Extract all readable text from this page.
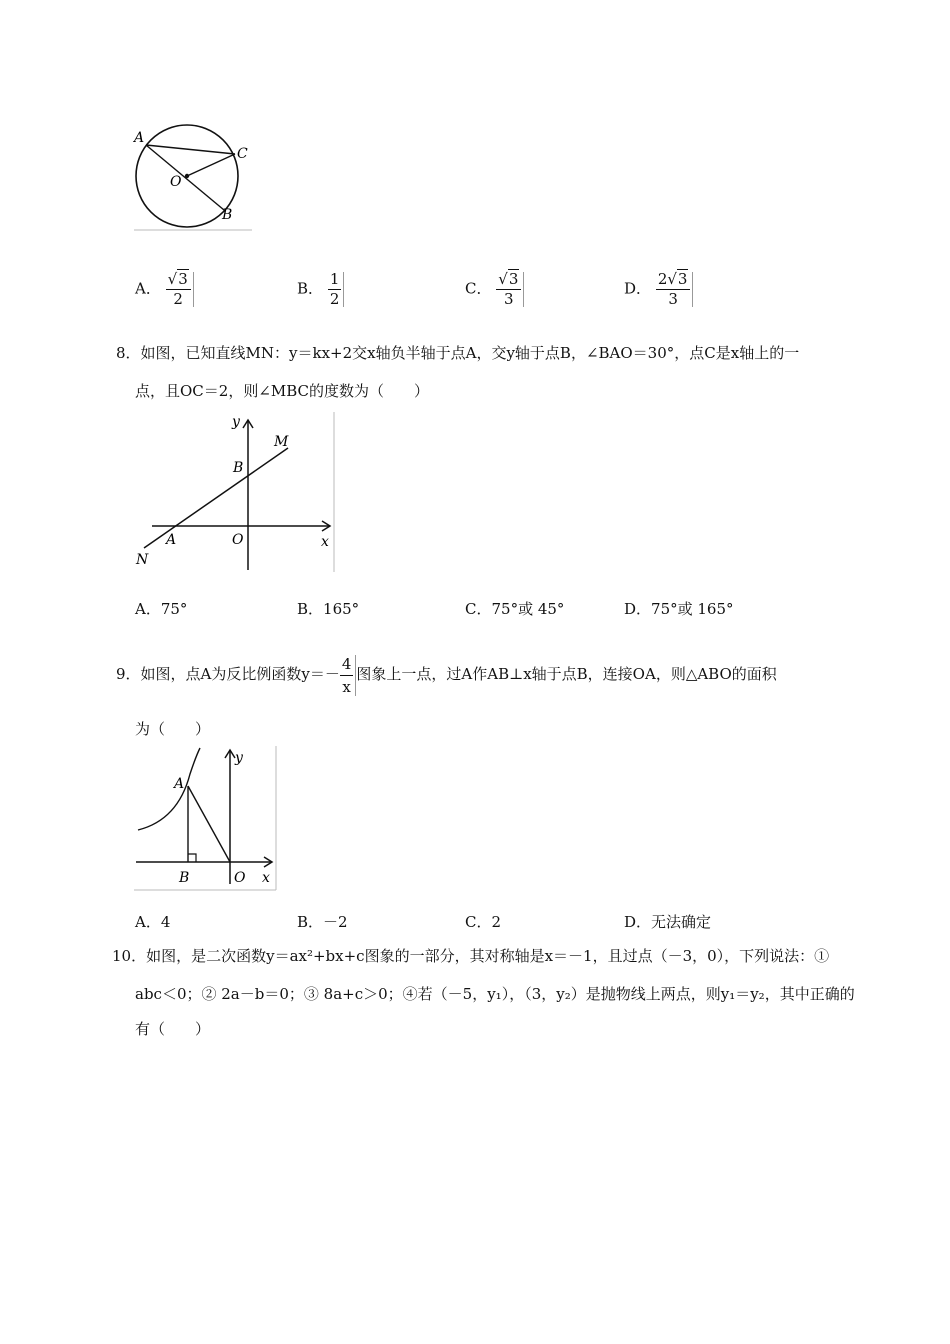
A
C
O
B
A． $\frac{√3}{2}$	B． $\frac{1}{2}$	C． $\frac{√3}{3}$	D． $\frac{2√3}{3}$
8．如图，已知直线MN：y＝kx+2交x轴负半轴于点A，交y轴于点B，∠BAO＝30°，点C是x轴上的一
点，且OC＝2，则∠MBC的度数为（　　）
y
M
B
A	O	x
N
A．75°	B．165°	C．75°或 45°	D．75°或 165°
9．如图，点A为反比例函数$y=- \frac{4}{x}$ 图象上一点，过A作AB⊥x轴于点B，连接OA，则△ABO的面积
为（　　）
y
A
B	O x
A．4	B．－2	C．2	D．无法确定
10．如图，是二次函数y＝ax²+bx+c图象的一部分，其对称轴是x＝－1，且过点（－3，0），下列说法：①
abc＜0；② 2a－b＝0；③ 8a+c＞0；④若（－5，y₁），（3，y₂）是抛物线上两点，则y₁＝y₂，其中正确的
有（　　）
